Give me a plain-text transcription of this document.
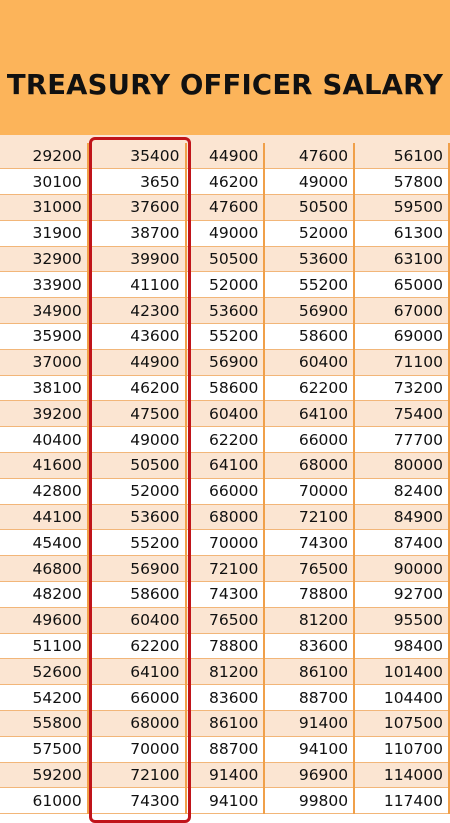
TREASURY OFFICER SALARY
29200	35400	44900	47600	56100
30100	3650	46200	49000	57800
31000	37600	47600	50500	59500
31900	38700	49000	52000	61300
32900	39900	50500	53600	63100
33900	41100	52000	55200	65000
34900	42300	53600	56900	67000
35900	43600	55200	58600	69000
37000	44900	56900	60400	71100
38100	46200	58600	62200	73200
39200	47500	60400	64100	75400
40400	49000	62200	66000	77700
41600	50500	64100	68000	80000
42800	52000	66000	70000	82400
44100	53600	68000	72100	84900
45400	55200	70000	74300	87400
46800	56900	72100	76500	90000
48200	58600	74300	78800	92700
49600	60400	76500	81200	95500
51100	62200	78800	83600	98400
52600	64100	81200	86100	101400
54200	66000	83600	88700	104400
55800	68000	86100	91400	107500
57500	70000	88700	94100	110700
59200	72100	91400	96900	114000
61000	74300	94100	99800	117400
